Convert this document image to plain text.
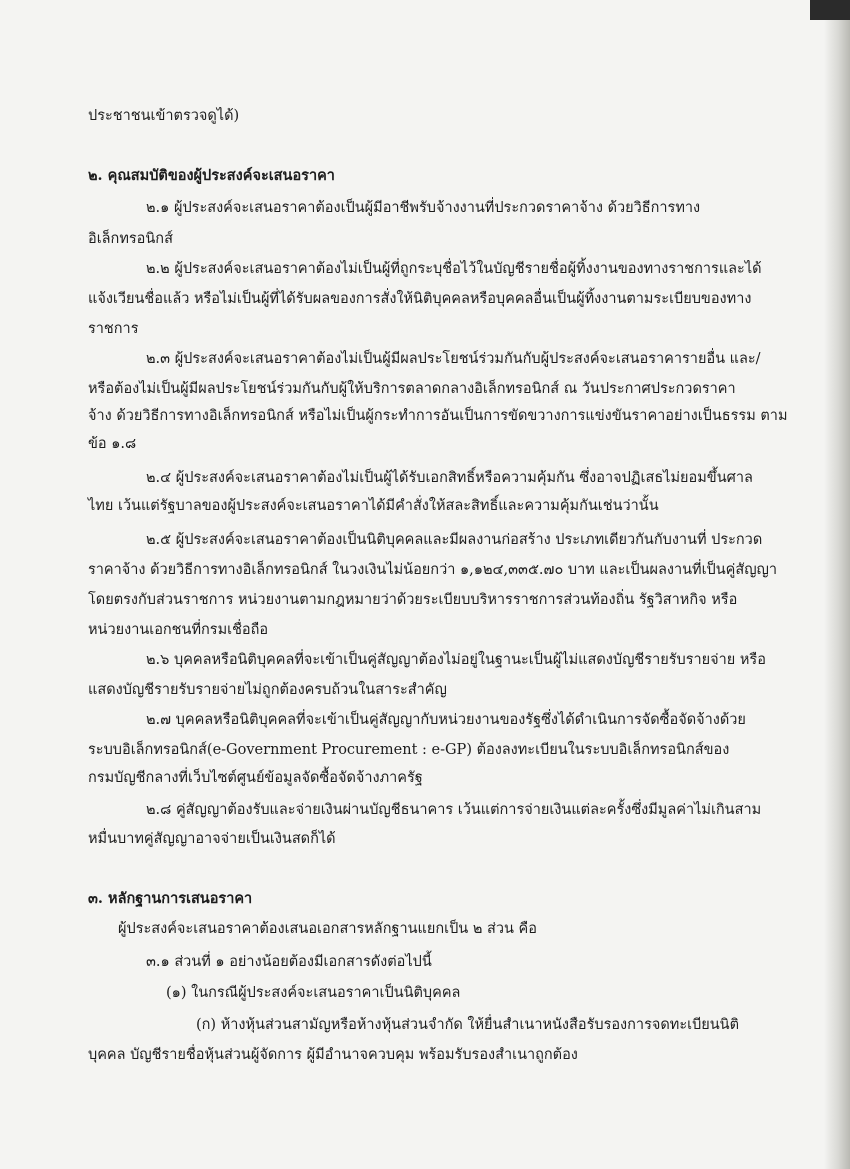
ประชาชนเข้าตรวจดูได้)
๒. คุณสมบัติของผู้ประสงค์จะเสนอราคา
๒.๑ ผู้ประสงค์จะเสนอราคาต้องเป็นผู้มีอาชีพรับจ้างงานที่ประกวดราคาจ้าง ด้วยวิธีการทาง
อิเล็กทรอนิกส์
๒.๒ ผู้ประสงค์จะเสนอราคาต้องไม่เป็นผู้ที่ถูกระบุชื่อไว้ในบัญชีรายชื่อผู้ทิ้งงานของทางราชการและได้
แจ้งเวียนชื่อแล้ว หรือไม่เป็นผู้ที่ได้รับผลของการสั่งให้นิติบุคคลหรือบุคคลอื่นเป็นผู้ทิ้งงานตามระเบียบของทาง
ราชการ
๒.๓ ผู้ประสงค์จะเสนอราคาต้องไม่เป็นผู้มีผลประโยชน์ร่วมกันกับผู้ประสงค์จะเสนอราคารายอื่น และ/
หรือต้องไม่เป็นผู้มีผลประโยชน์ร่วมกันกับผู้ให้บริการตลาดกลางอิเล็กทรอนิกส์ ณ วันประกาศประกวดราคา
จ้าง ด้วยวิธีการทางอิเล็กทรอนิกส์ หรือไม่เป็นผู้กระทำการอันเป็นการขัดขวางการแข่งขันราคาอย่างเป็นธรรม ตาม
ข้อ ๑.๘
๒.๔ ผู้ประสงค์จะเสนอราคาต้องไม่เป็นผู้ได้รับเอกสิทธิ์หรือความคุ้มกัน ซึ่งอาจปฏิเสธไม่ยอมขึ้นศาล
ไทย เว้นแต่รัฐบาลของผู้ประสงค์จะเสนอราคาได้มีคำสั่งให้สละสิทธิ์และความคุ้มกันเช่นว่านั้น
๒.๕ ผู้ประสงค์จะเสนอราคาต้องเป็นนิติบุคคลและมีผลงานก่อสร้าง ประเภทเดียวกันกับงานที่ ประกวด
ราคาจ้าง ด้วยวิธีการทางอิเล็กทรอนิกส์ ในวงเงินไม่น้อยกว่า ๑,๑๒๔,๓๓๕.๗๐ บาท และเป็นผลงานที่เป็นคู่สัญญา
โดยตรงกับส่วนราชการ หน่วยงานตามกฎหมายว่าด้วยระเบียบบริหารราชการส่วนท้องถิ่น รัฐวิสาหกิจ หรือ
หน่วยงานเอกชนที่กรมเชื่อถือ
๒.๖ บุคคลหรือนิติบุคคลที่จะเข้าเป็นคู่สัญญาต้องไม่อยู่ในฐานะเป็นผู้ไม่แสดงบัญชีรายรับรายจ่าย หรือ
แสดงบัญชีรายรับรายจ่ายไม่ถูกต้องครบถ้วนในสาระสำคัญ
๒.๗ บุคคลหรือนิติบุคคลที่จะเข้าเป็นคู่สัญญากับหน่วยงานของรัฐซึ่งได้ดำเนินการจัดซื้อจัดจ้างด้วย
ระบบอิเล็กทรอนิกส์(e-Government Procurement : e-GP) ต้องลงทะเบียนในระบบอิเล็กทรอนิกส์ของ
กรมบัญชีกลางที่เว็บไซต์ศูนย์ข้อมูลจัดซื้อจัดจ้างภาครัฐ
๒.๘ คู่สัญญาต้องรับและจ่ายเงินผ่านบัญชีธนาคาร เว้นแต่การจ่ายเงินแต่ละครั้งซึ่งมีมูลค่าไม่เกินสาม
หมื่นบาทคู่สัญญาอาจจ่ายเป็นเงินสดก็ได้
๓. หลักฐานการเสนอราคา
ผู้ประสงค์จะเสนอราคาต้องเสนอเอกสารหลักฐานแยกเป็น ๒ ส่วน คือ
๓.๑ ส่วนที่ ๑ อย่างน้อยต้องมีเอกสารดังต่อไปนี้
(๑) ในกรณีผู้ประสงค์จะเสนอราคาเป็นนิติบุคคล
(ก) ห้างหุ้นส่วนสามัญหรือห้างหุ้นส่วนจำกัด ให้ยื่นสำเนาหนังสือรับรองการจดทะเบียนนิติ
บุคคล บัญชีรายชื่อหุ้นส่วนผู้จัดการ ผู้มีอำนาจควบคุม พร้อมรับรองสำเนาถูกต้อง
